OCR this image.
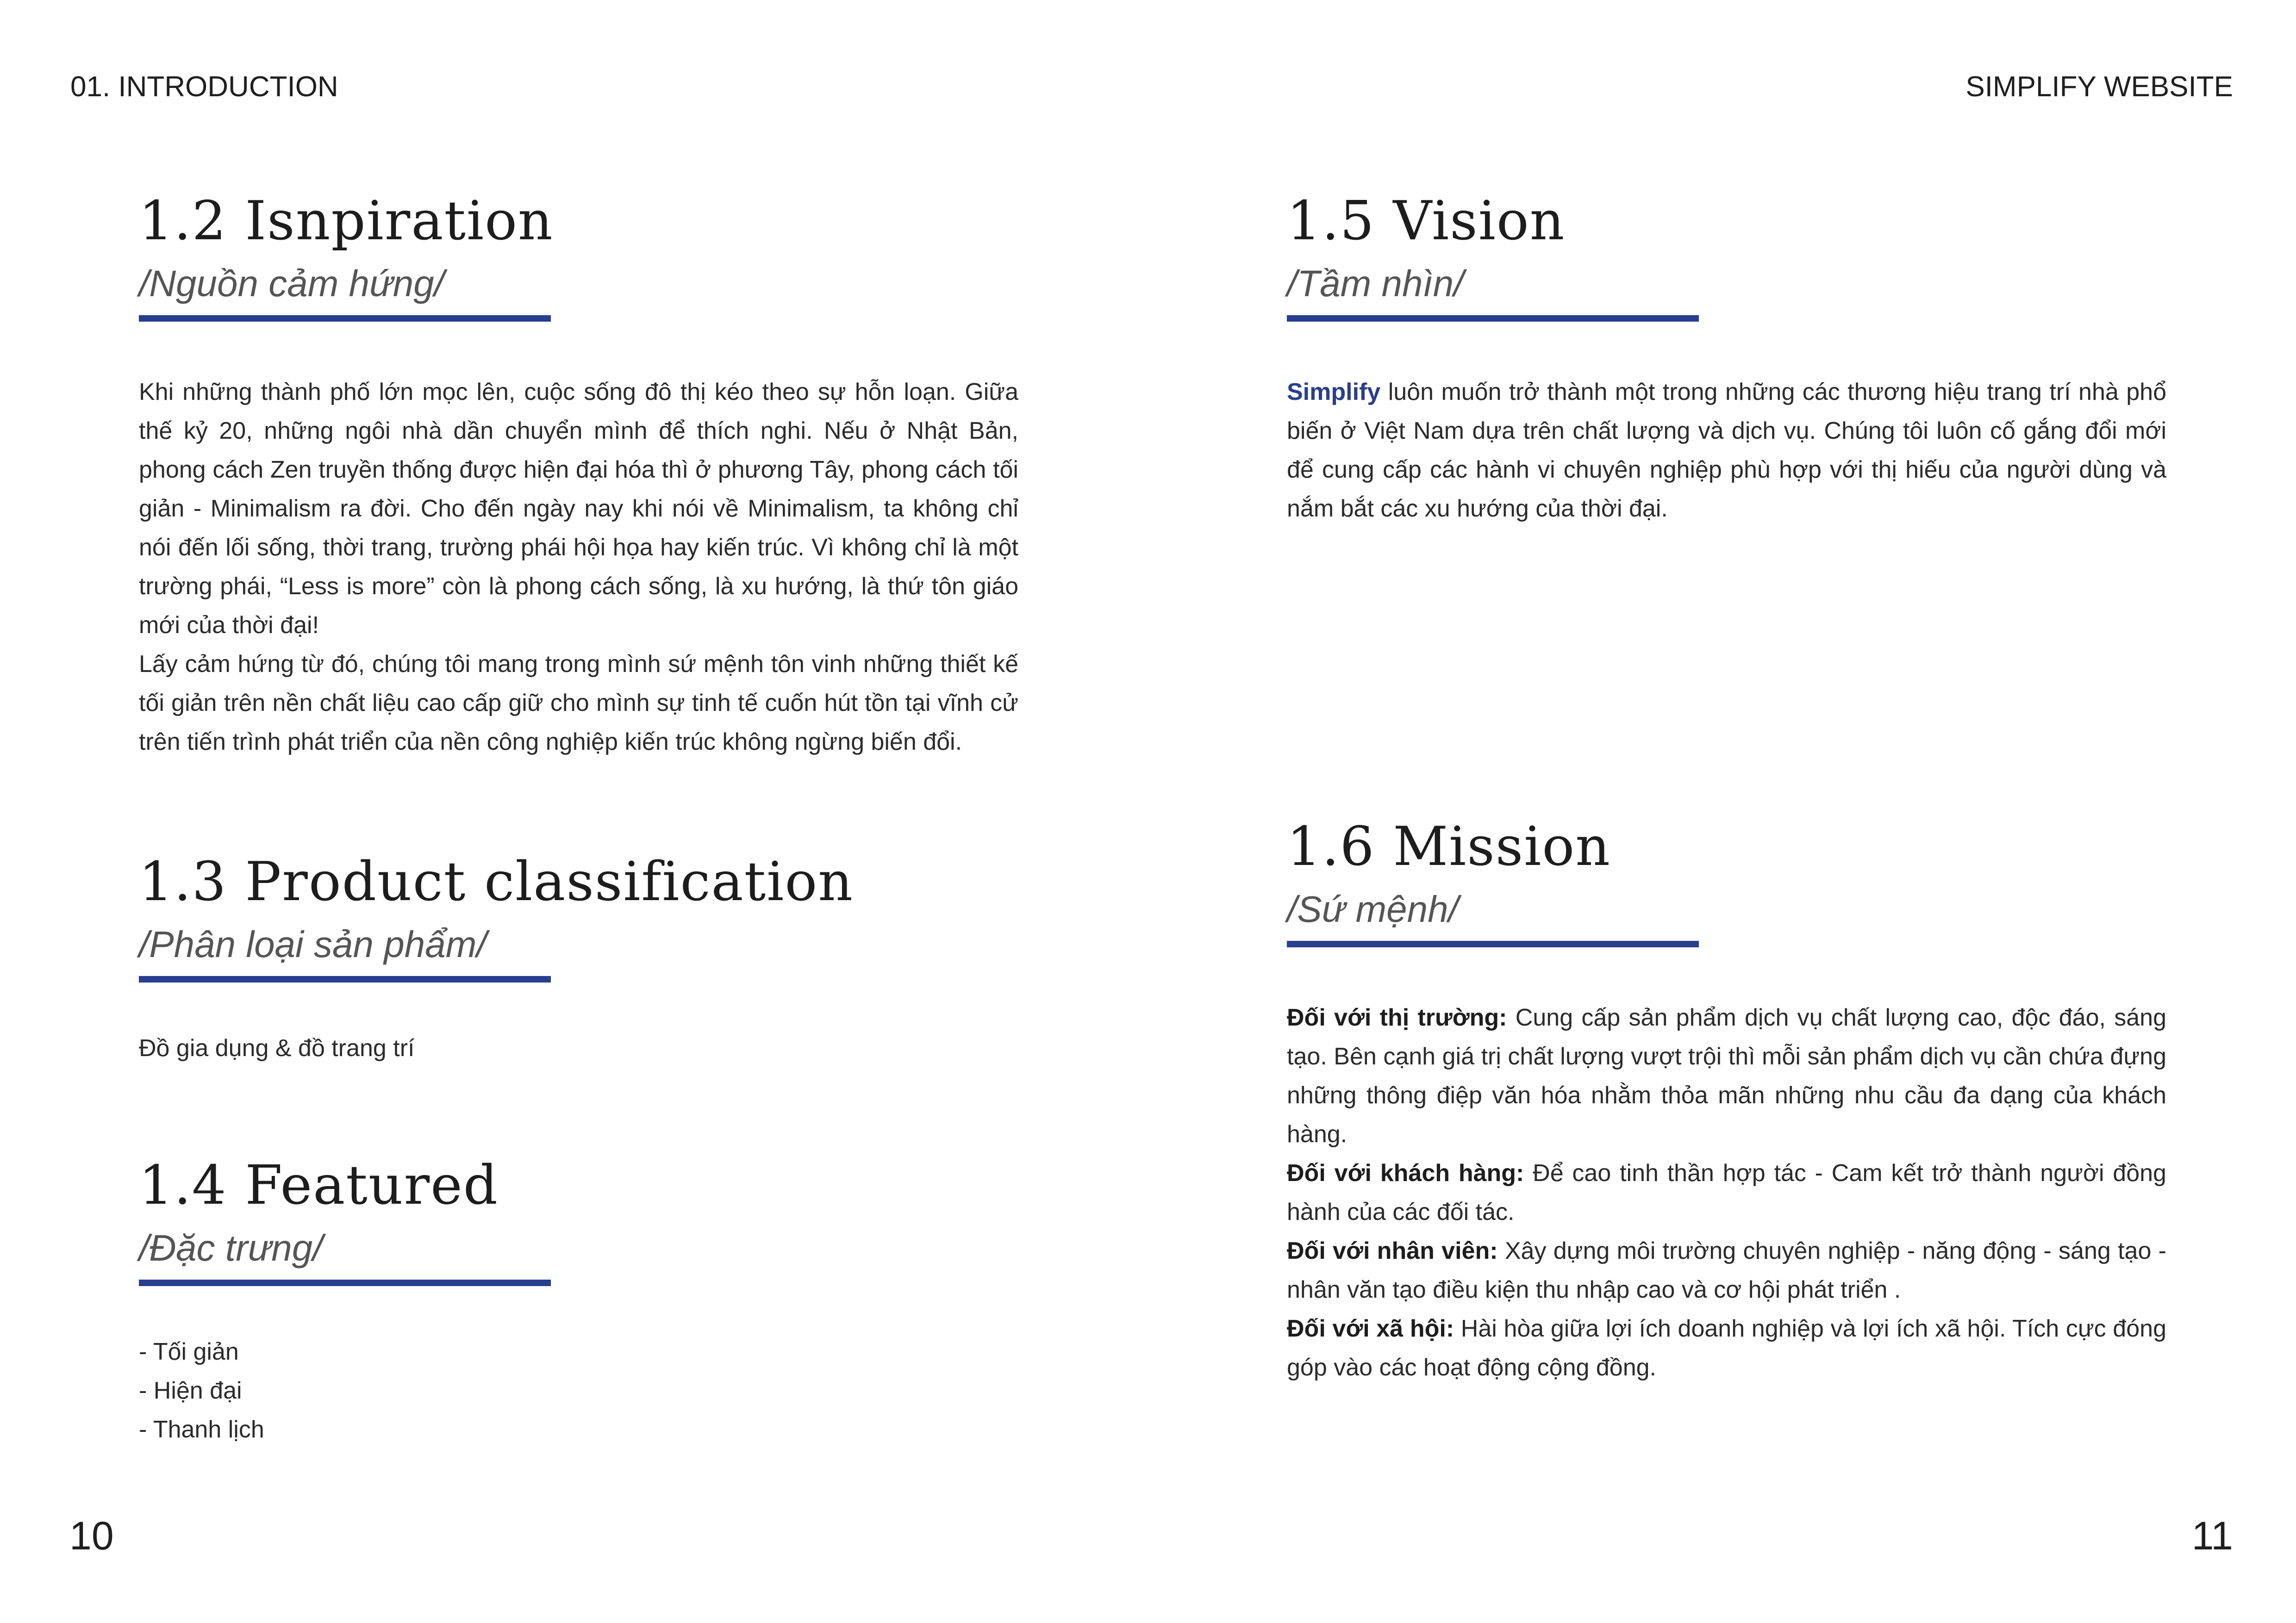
01. INTRODUCTION	SIMPLIFY WEBSITE
1.2 Isnpiration
/Nguồn cảm hứng/

Khi những thành phố lớn mọc lên, cuộc sống đô thị kéo theo sự hỗn loạn. Giữa thế kỷ 20, những ngôi nhà dần chuyển mình để thích nghi. Nếu ở Nhật Bản, phong cách Zen truyền thống được hiện đại hóa thì ở phương Tây, phong cách tối giản - Minimalism ra đời. Cho đến ngày nay khi nói về Minimalism, ta không chỉ nói đến lối sống, thời trang, trường phái hội họa hay kiến trúc. Vì không chỉ là một trường phái, “Less is more” còn là phong cách sống, là xu hướng, là thứ tôn giáo mới của thời đại!

Lấy cảm hứng từ đó, chúng tôi mang trong mình sứ mệnh tôn vinh những thiết kế tối giản trên nền chất liệu cao cấp giữ cho mình sự tinh tế cuốn hút tồn tại vĩnh cử trên tiến trình phát triển của nền công nghiệp kiến trúc không ngừng biến đổi.

1.3 Product classification
/Phân loại sản phẩm/
Đồ gia dụng & đồ trang trí
1.4 Featured
/Đặc trưng/
- Tối giản
- Hiện đại
- Thanh lịch
10
1.5 Vision
/Tầm nhìn/
Simplify luôn muốn trở thành một trong những các thương hiệu trang trí nhà phổ biến ở Việt Nam dựa trên chất lượng và dịch vụ. Chúng tôi luôn cố gắng đổi mới để cung cấp các hành vi chuyên nghiệp phù hợp với thị hiếu của người dùng và nắm bắt các xu hướng của thời đại.
1.6 Mission
/Sứ mệnh/

Đối với thị trường: Cung cấp sản phẩm dịch vụ chất lượng cao, độc đáo, sáng tạo. Bên cạnh giá trị chất lượng vượt trội thì mỗi sản phẩm dịch vụ cần chứa đựng những thông điệp văn hóa nhằm thỏa mãn những nhu cầu đa dạng của khách hàng.

Đối với khách hàng: Để cao tinh thần hợp tác - Cam kết trở thành người đồng hành của các đối tác.

Đối với nhân viên: Xây dựng môi trường chuyên nghiệp - năng động - sáng tạo - nhân văn tạo điều kiện thu nhập cao và cơ hội phát triển .

Đối với xã hội: Hài hòa giữa lợi ích doanh nghiệp và lợi ích xã hội. Tích cực đóng góp vào các hoạt động cộng đồng.

11
